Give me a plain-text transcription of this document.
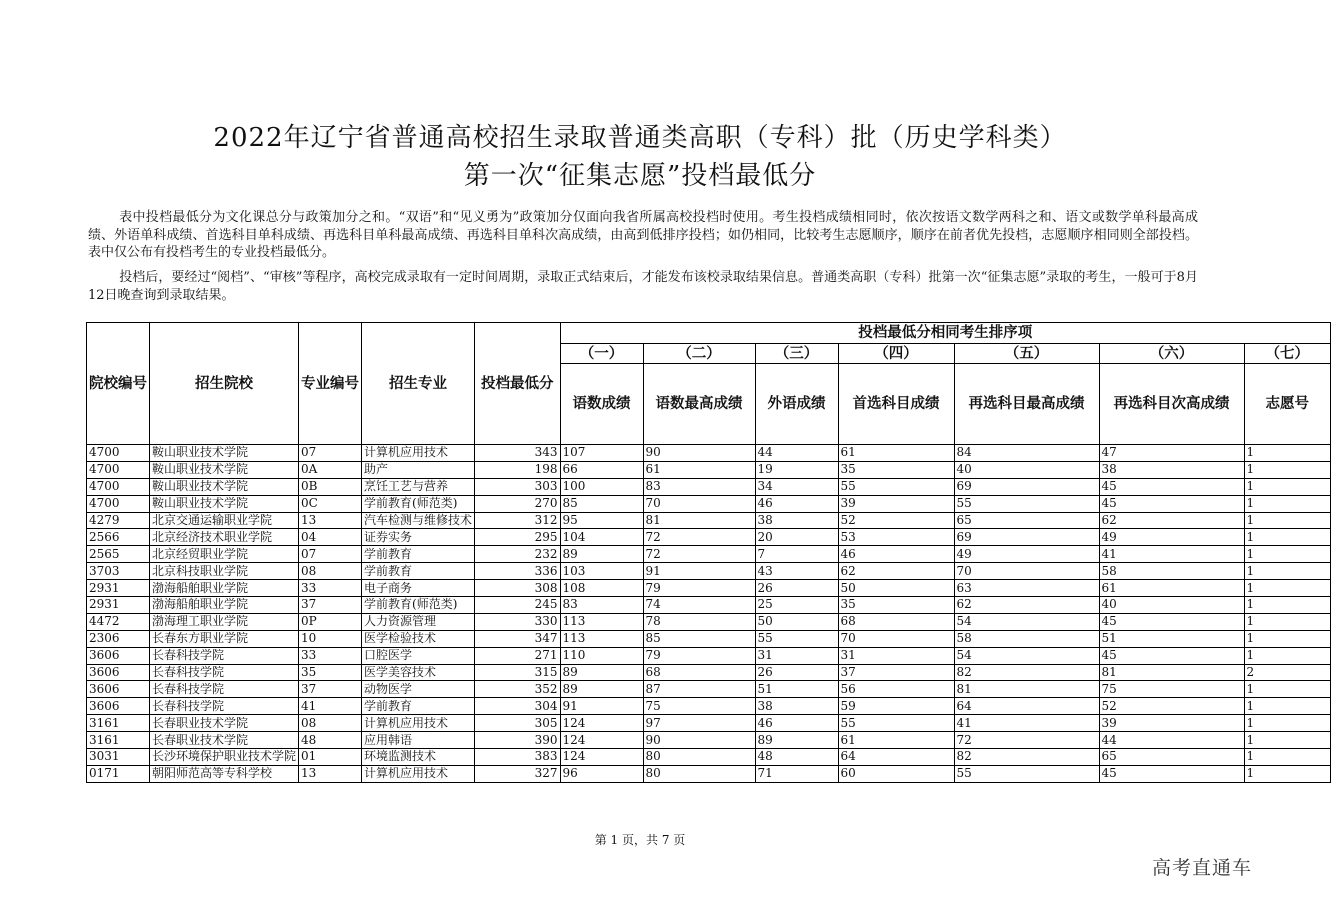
2022年辽宁省普通高校招生录取普通类高职（专科）批（历史学科类）
第一次“征集志愿”投档最低分
表中投档最低分为文化课总分与政策加分之和。“双语”和“见义勇为”政策加分仅面向我省所属高校投档时使用。考生投档成绩相同时，依次按语文数学两科之和、语文或数学单科最高成绩、外语单科成绩、首选科目单科成绩、再选科目单科最高成绩、再选科目单科次高成绩，由高到低排序投档；如仍相同，比较考生志愿顺序，顺序在前者优先投档，志愿顺序相同则全部投档。表中仅公布有投档考生的专业投档最低分。
投档后，要经过“阅档”、“审核”等程序，高校完成录取有一定时间周期，录取正式结束后，才能发布该校录取结果信息。普通类高职（专科）批第一次“征集志愿”录取的考生，一般可于8月12日晚查询到录取结果。
院校编号	招生院校	专业编号	招生专业	投档最低分	投档最低分相同考生排序项						
					（一）	（二）	（三）	（四）	（五）	（六）	（七）
					语数成绩	语数最高成绩	外语成绩	首选科目成绩	再选科目最高成绩	再选科目次高成绩	志愿号
4700	鞍山职业技术学院	07	计算机应用技术	343	107	90	44	61	84	47	1
4700	鞍山职业技术学院	0A	助产	198	66	61	19	35	40	38	1
4700	鞍山职业技术学院	0B	烹饪工艺与营养	303	100	83	34	55	69	45	1
4700	鞍山职业技术学院	0C	学前教育(师范类)	270	85	70	46	39	55	45	1
4279	北京交通运输职业学院	13	汽车检测与维修技术	312	95	81	38	52	65	62	1
2566	北京经济技术职业学院	04	证券实务	295	104	72	20	53	69	49	1
2565	北京经贸职业学院	07	学前教育	232	89	72	7	46	49	41	1
3703	北京科技职业学院	08	学前教育	336	103	91	43	62	70	58	1
2931	渤海船舶职业学院	33	电子商务	308	108	79	26	50	63	61	1
2931	渤海船舶职业学院	37	学前教育(师范类)	245	83	74	25	35	62	40	1
4472	渤海理工职业学院	0P	人力资源管理	330	113	78	50	68	54	45	1
2306	长春东方职业学院	10	医学检验技术	347	113	85	55	70	58	51	1
3606	长春科技学院	33	口腔医学	271	110	79	31	31	54	45	1
3606	长春科技学院	35	医学美容技术	315	89	68	26	37	82	81	2
3606	长春科技学院	37	动物医学	352	89	87	51	56	81	75	1
3606	长春科技学院	41	学前教育	304	91	75	38	59	64	52	1
3161	长春职业技术学院	08	计算机应用技术	305	124	97	46	55	41	39	1
3161	长春职业技术学院	48	应用韩语	390	124	90	89	61	72	44	1
3031	长沙环境保护职业技术学院	01	环境监测技术	383	124	80	48	64	82	65	1
0171	朝阳师范高等专科学校	13	计算机应用技术	327	96	80	71	60	55	45	1
第 1 页，共 7 页
高考直通车
